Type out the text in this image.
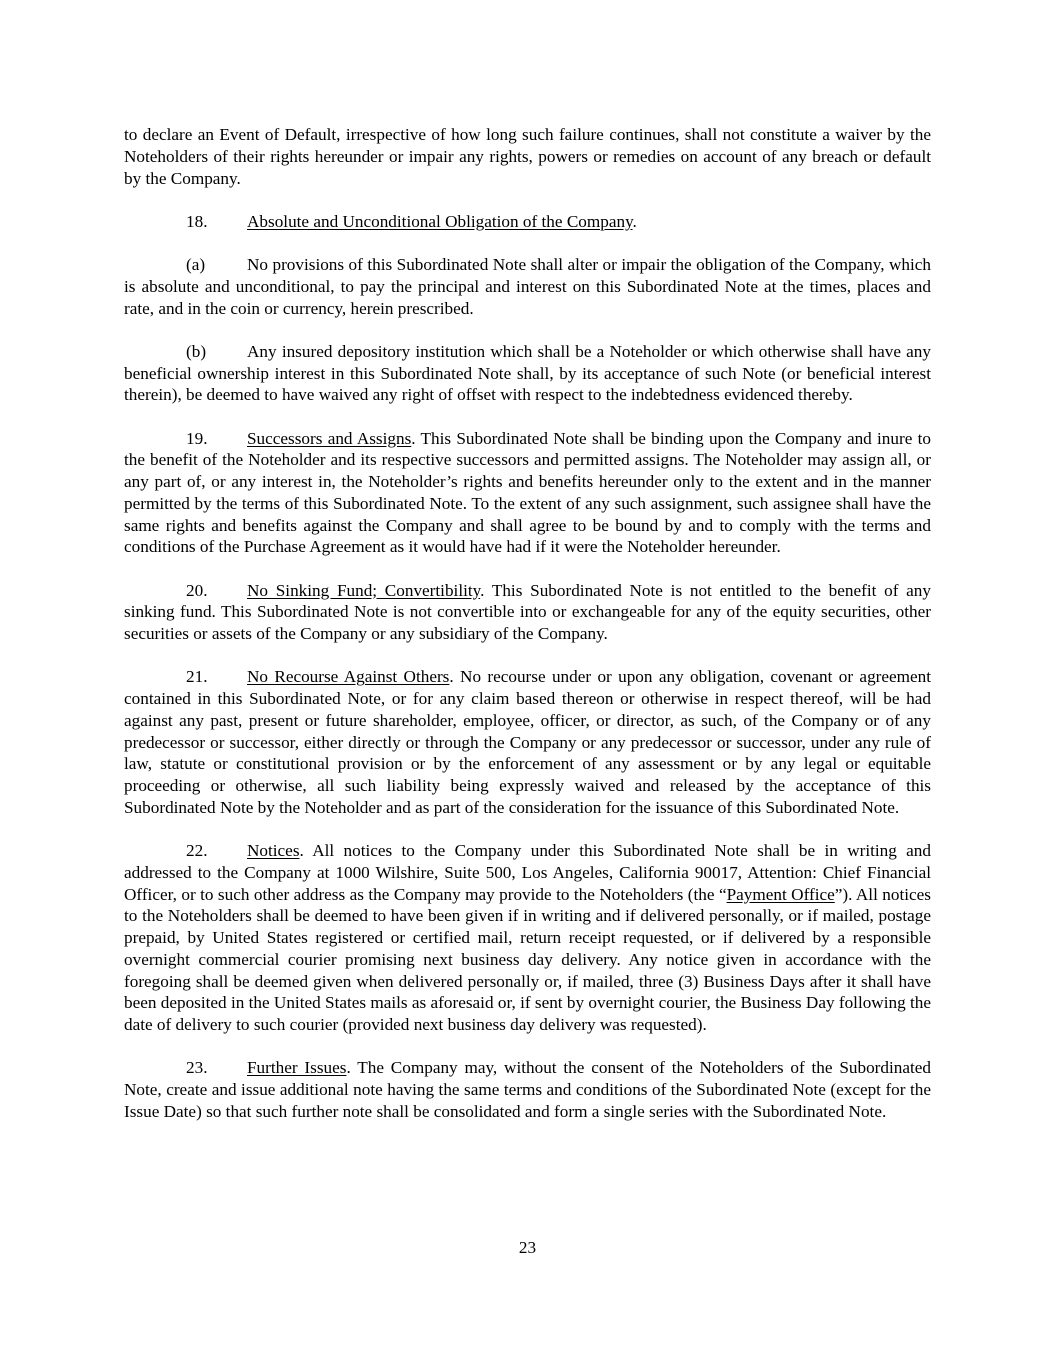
to declare an Event of Default, irrespective of how long such failure continues, shall not constitute a waiver by the Noteholders of their rights hereunder or impair any rights, powers or remedies on account of any breach or default by the Company.

18. Absolute and Unconditional Obligation of the Company.

(a) No provisions of this Subordinated Note shall alter or impair the obligation of the Company, which is absolute and unconditional, to pay the principal and interest on this Subordinated Note at the times, places and rate, and in the coin or currency, herein prescribed.

(b) Any insured depository institution which shall be a Noteholder or which otherwise shall have any beneficial ownership interest in this Subordinated Note shall, by its acceptance of such Note (or beneficial interest therein), be deemed to have waived any right of offset with respect to the indebtedness evidenced thereby.

19. Successors and Assigns. This Subordinated Note shall be binding upon the Company and inure to the benefit of the Noteholder and its respective successors and permitted assigns. The Noteholder may assign all, or any part of, or any interest in, the Noteholder’s rights and benefits hereunder only to the extent and in the manner permitted by the terms of this Subordinated Note. To the extent of any such assignment, such assignee shall have the same rights and benefits against the Company and shall agree to be bound by and to comply with the terms and conditions of the Purchase Agreement as it would have had if it were the Noteholder hereunder.

20. No Sinking Fund; Convertibility. This Subordinated Note is not entitled to the benefit of any sinking fund. This Subordinated Note is not convertible into or exchangeable for any of the equity securities, other securities or assets of the Company or any subsidiary of the Company.

21. No Recourse Against Others. No recourse under or upon any obligation, covenant or agreement contained in this Subordinated Note, or for any claim based thereon or otherwise in respect thereof, will be had against any past, present or future shareholder, employee, officer, or director, as such, of the Company or of any predecessor or successor, either directly or through the Company or any predecessor or successor, under any rule of law, statute or constitutional provision or by the enforcement of any assessment or by any legal or equitable proceeding or otherwise, all such liability being expressly waived and released by the acceptance of this Subordinated Note by the Noteholder and as part of the consideration for the issuance of this Subordinated Note.

22. Notices. All notices to the Company under this Subordinated Note shall be in writing and addressed to the Company at 1000 Wilshire, Suite 500, Los Angeles, California 90017, Attention: Chief Financial Officer, or to such other address as the Company may provide to the Noteholders (the “Payment Office”). All notices to the Noteholders shall be deemed to have been given if in writing and if delivered personally, or if mailed, postage prepaid, by United States registered or certified mail, return receipt requested, or if delivered by a responsible overnight commercial courier promising next business day delivery. Any notice given in accordance with the foregoing shall be deemed given when delivered personally or, if mailed, three (3) Business Days after it shall have been deposited in the United States mails as aforesaid or, if sent by overnight courier, the Business Day following the date of delivery to such courier (provided next business day delivery was requested).

23. Further Issues. The Company may, without the consent of the Noteholders of the Subordinated Note, create and issue additional note having the same terms and conditions of the Subordinated Note (except for the Issue Date) so that such further note shall be consolidated and form a single series with the Subordinated Note.

23
